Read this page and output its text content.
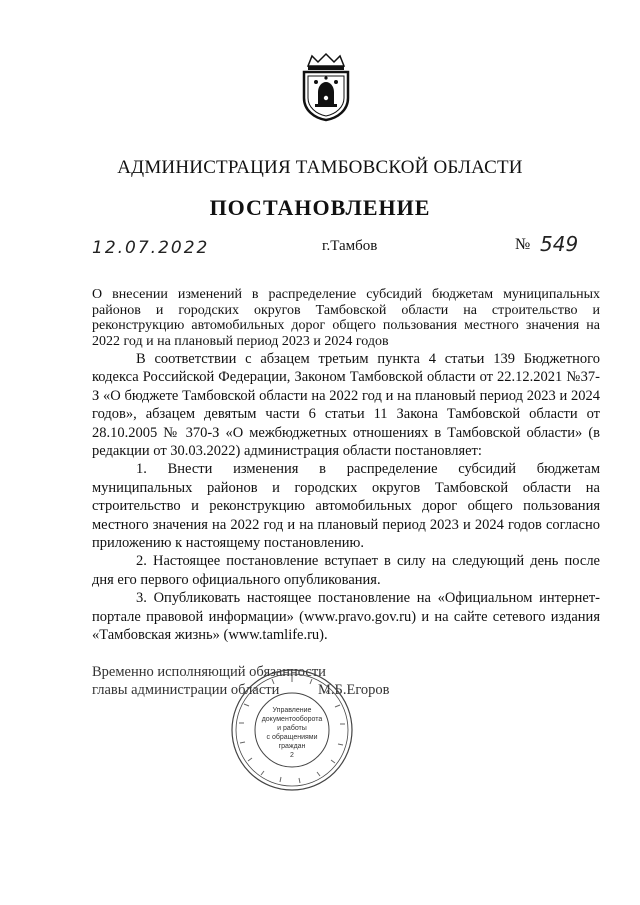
АДМИНИСТРАЦИЯ ТАМБОВСКОЙ ОБЛАСТИ
ПОСТАНОВЛЕНИЕ
12.07.2022	г.Тамбов	№ 549
О внесении изменений в распределение субсидий бюджетам муниципальных районов и городских округов Тамбовской области на строительство и реконструкцию автомобильных дорог общего пользования местного значения на 2022 год и на плановый период 2023 и 2024 годов

В соответствии с абзацем третьим пункта 4 статьи 139 Бюджетного кодекса Российской Федерации, Законом Тамбовской области от 22.12.2021 №37-З «О бюджете Тамбовской области на 2022 год и на плановый период 2023 и 2024 годов», абзацем девятым части 6 статьи 11 Закона Тамбовской области от 28.10.2005 № 370-З «О межбюджетных отношениях в Тамбовской области» (в редакции от 30.03.2022) администрация области постановляет:

1. Внести изменения в распределение субсидий бюджетам муниципальных районов и городских округов Тамбовской области на строительство и реконструкцию автомобильных дорог общего пользования местного значения на 2022 год и на плановый период 2023 и 2024 годов согласно приложению к настоящему постановлению.

2. Настоящее постановление вступает в силу на следующий день после дня его первого официального опубликования.

3. Опубликовать настоящее постановление на «Официальном интернет-портале правовой информации» (www.pravo.gov.ru) и на сайте сетевого издания «Тамбовская жизнь» (www.tamlife.ru).

Временно исполняющий обязанности
главы администрации области	М.Б.Егоров
Управление
документооборота
и работы
с обращениями
граждан
2
